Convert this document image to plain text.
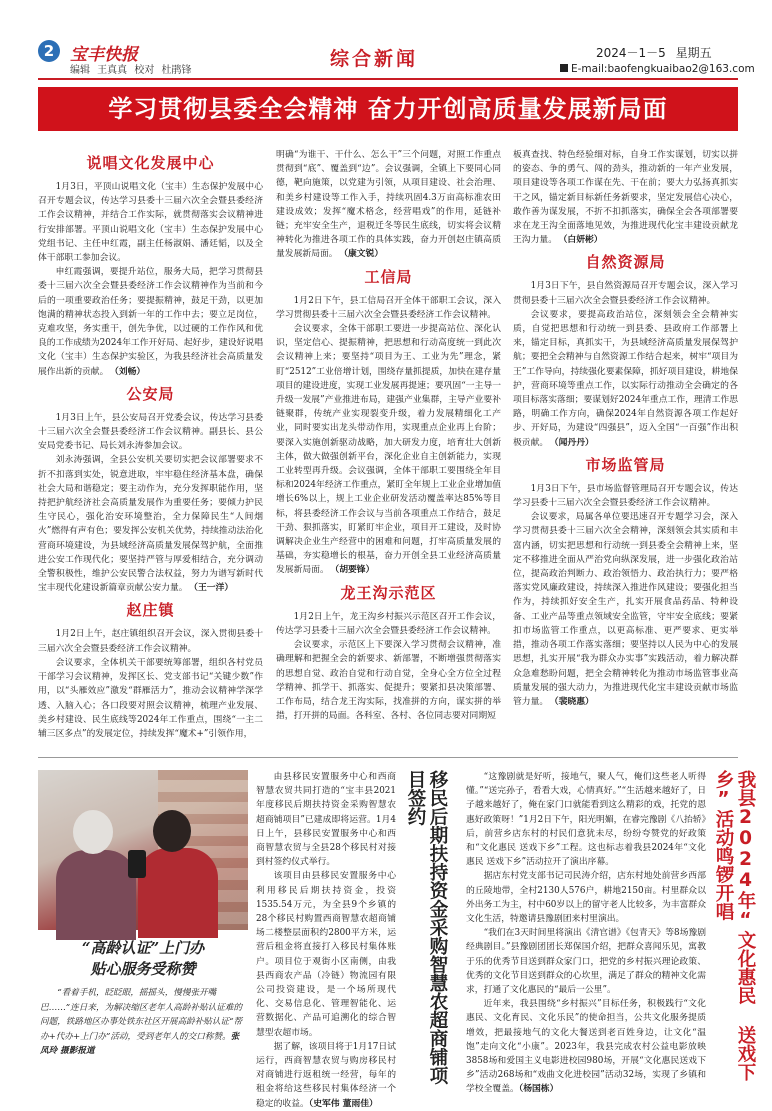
2 宝丰快报
编辑 王真真 校对 杜鹃锋
综合新闻	2024－1－5 星期五
E-mail:baofengkuaibao2@163.com
学习贯彻县委全会精神 奋力开创高质量发展新局面
说唱文化发展中心

1月3日，平顶山说唱文化（宝丰）生态保护发展中心召开专题会议，传达学习县委十三届六次全会暨县委经济工作会议精神，并结合工作实际，就贯彻落实会议精神进行安排部署。平顶山说唱文化（宝丰）生态保护发展中心党组书记、主任申红霞，副主任杨淑娟、潘廷韬，以及全体干部职工参加会议。

申红霞强调，要提升站位，服务大局，把学习贯彻县委十三届六次全会暨县委经济工作会议精神作为当前和今后的一项重要政治任务；要提振精神，鼓足干劲，以更加饱满的精神状态投入到新一年的工作中去；要立足岗位，克难攻坚，务实重干，创先争优，以过硬的工作作风和优良的工作成绩为2024年工作开好局、起好步，建设好说唱文化（宝丰）生态保护实验区，为我县经济社会高质量发展作出新的贡献。 （刘畅）

公安局

1月3日上午，县公安局召开党委会议，传达学习县委十三届六次全会暨县委经济工作会议精神。副县长、县公安局党委书记、局长刘永涛参加会议。

刘永涛强调，全县公安机关要切实把会议部署要求不折不扣落到实处，锐意进取，牢牢稳住经济基本盘，确保社会大局和谐稳定；要主动作为，充分发挥职能作用，坚持把护航经济社会高质量发展作为重要任务；要倾力护民生守民心，强化治安环境整治，全力保障民生“人间烟火”燃得有声有色；要发挥公安机关优势，持续推动法治化营商环境建设，为县域经济高质量发展保驾护航，全面推进公安工作现代化；要坚持严管与厚爱相结合，充分调动全警积极性，维护公安民警合法权益，努力为谱写新时代宝丰现代化建设新篇章贡献公安力量。 （王一洋）

赵庄镇

1月2日上午，赵庄镇组织召开会议，深入贯彻县委十三届六次全会暨县委经济工作会议精神。

会议要求，全体机关干部要统筹部署，组织各村党员干部学习会议精神，发挥区长、党支部书记“关键少数”作用，以“头雁效应”激发“群雁活力”，推动会议精神学深学透、入脑入心；各口段要对照会议精神，梳理产业发展、美乡村建设、民生底线等2024年工作重点，围绕“一主二辅三区多点”的发展定位，持续发挥“魔术+”引领作用，

明确“为谁干、干什么、怎么干”三个问题，对照工作重点贯彻到“底”、覆盖到“边”。会议强调，全镇上下要同心同德，靶向施策，以党建为引领，从项目建设、社会治理、和美乡村建设等工作入手，持续巩固4.3万亩高标准农田建设成效；发挥“魔术格念，经营唱戏”的作用，延链补链；充牢安全生产，退税迁冬等民生底线，切实将会议精神转化为推进各项工作的具体实践，奋力开创赵庄镇高质量发展新局面。 （康文锐）

工信局

1月2日下午，县工信局召开全体干部职工会议，深入学习贯彻县委十三届六次全会暨县委经济工作会议精神。

会议要求，全体干部职工要进一步提高站位、深化认识，坚定信心、提振精神，把思想和行动高度统一到此次会议精神上来；要坚持“项目为王、工业为先”理念，紧盯“2512”工业倍增计划，围绕存量抓提质，加快在建存量项目的建设进度，实现工业发展再提速；要巩固“一主导一升级一发展”产业推进布局，建强产业集群，主导产业要补链聚群，传统产业实现裂变升级，着力发展精细化工产业，同时要实出龙头带动作用，实现重点企业再上台阶；要深入实施创新驱动战略，加大研发力度，培育壮大创新主体，做大做强创新平台，深化企业自主创新能力，实现工业转型再升级。会议强调，全体干部职工要围绕全年目标和2024年经济工作重点，紧盯全年规上工业企业增加值增长6%以上，规上工业企业研发活动覆盖率达85%等目标，将县委经济工作会议与当前各项重点工作结合，鼓足干劲、狠抓落实，盯紧盯牢企业，项目开工建设，及时协调解决企业生产经营中的困难和问题，打牢高质量发展的基础，夯实稳增长的根基，奋力开创全县工业经济高质量发展新局面。 （胡要锋）

龙王沟示范区

1月2日上午，龙王沟乡村振兴示范区召开工作会议，传达学习县委十三届六次全会暨县委经济工作会议精神。

会议要求，示范区上下要深入学习贯彻会议精神，准确理解和把握全会的新要求、新部署，不断增强贯彻落实的思想自觉、政治自觉和行动自觉，全身心全方位全过程学精神、抓学干、抓落实、促提升；要紧扣县决策部署、工作布局，结合龙王沟实际，找准拼的方向，谋实拼的举措，打开拼的局面。各科室、各村、各位同志要对同期短

板真查找、特色经验细对标，自身工作实谋划，切实以拼的姿态、争的勇气、闯的劲头，推动新的一年产业发展，项目建设等各项工作谋在先、干在前；要大力弘扬真抓实干之风，锚定新目标新任务新要求，坚定发展信心决心，敢作善为谋发展，不折不扣抓落实，确保全会各项部署要求在龙王沟全面落地见效，为推进现代化宝丰建设贡献龙王沟力量。 （白妍彬）

自然资源局

1月3日下午，县自然资源局召开专题会议，深入学习贯彻县委十三届六次全会暨县委经济工作会议精神。

会议要求，要提高政治站位，深刻领会全会精神实质，自觉把思想和行动统一到县委、县政府工作部署上来，锚定目标，真抓实干，为县域经济高质量发展保驾护航；要把全会精神与自然资源工作结合起来，树牢“项目为王”工作导向，持续强化要素保障，抓好项目建设，耕地保护，营商环境等重点工作，以实际行动推动全会确定的各项目标落实落细；要谋划好2024年重点工作，理清工作思路，明确工作方向，确保2024年自然资源各项工作起好步、开好局，为建设“四强县”，迈入全国“一百强”作出积极贡献。 （闻丹丹）

市场监管局

1月3日下午，县市场监督管理局召开专题会议，传达学习县委十三届六次全会暨县委经济工作会议精神。

会议要求，局属各单位要迅速召开专题学习会，深入学习贯彻县委十三届六次全会精神，深刻领会其实质和丰富内涵，切实把思想和行动统一到县委全会精神上来，坚定不移推进全面从严治党向纵深发展，进一步强化政治站位，提高政治判断力、政治领悟力、政治执行力；要严格落实党风廉政建设，持续深入推进作风建设；要强化担当作为，持续抓好安全生产，扎实开展食品药品、特种设备、工业产品等重点领域安全监管，守牢安全底线；要紧扣市场监管工作重点，以更高标准、更严要求、更实举措，推动各项工作落实落细；要坚持以人民为中心的发展思想，扎实开展“我为群众办实事”实践活动，着力解决群众急难愁盼问题，把全会精神转化为推动市场监管事业高质量发展的强大动力，为推进现代化宝丰建设贡献市场监管力量。 （裴晓惠）

“高龄认证”上门办
贴心服务受称赞

“看着手机，眨眨眼，摇摇头，慢慢张开嘴巴……”连日来，为解决缩区老年人高龄补贴认证难的问题，铁路地区办事处铁东社区开展高龄补贴认证“帮办+代办+上门办”活动，受到老年人的交口称赞。张凤玲 摄影报道

由县移民安置服务中心和西商智慧农贸共同打造的“宝丰县2021年度移民后期扶持资金采购智慧农超商铺项目”已建成即将运营。1月4日上午，县移民安置服务中心和西商智慧农贸与全县28个移民村对接到村签约仪式举行。

该项目由县移民安置服务中心利用移民后期扶持资金，投资1535.54万元，为全县9个乡镇的28个移民村购置西商智慧农超商铺场二楼整层面积约2800平方米，运营后租金将直接打入移民村集体账户。项目位于观街小区南侧，由我县西商农产品（冷链）物流园有限公司投资建设，是一个场所现代化、交易信息化、管理智能化、运营数据化、产品可追溯化的综合智慧型农超市场。

据了解，该项目将于1月17日试运行，西商智慧农贸与购房移民村对商铺进行返租统一经营，每年的租金将给这些移民村集体经济一个稳定的收益。（史军伟 董雨佳）

移民后期扶持资金采购智慧农超商铺项目签约	“这豫剧就是好听，接地气，聚人气，俺们这些老人听得懂。”“送完孙子，看看大戏，心情真好。”“生活越来越好了，日子越来越好了，俺在家门口就能看到这么精彩的戏，托党的恩惠好政策呀！”1月2日下午，阳光明媚，在睿完豫剧《八抬轿》后，前营乡店东村的村民们意犹未尽，纷纷夸赞党的好政策和“文化惠民 送戏下乡”工程。这也标志着我县2024年“文化惠民 送戏下乡”活动拉开了演出序幕。

据店东村党支部书记司民涛介绍，店东村地处前营乡西部的丘陵地带，全村2130人576户，耕地2150亩。村里群众以外出务工为主，村中60岁以上的留守老人比较多，为丰富群众文化生活，特邀请县豫剧团来村里演出。

“我们在3天时间里将演出《清官谱》《包青天》等8场豫剧经典剧目。”县豫剧团团长郑保国介绍，把群众喜闻乐见，寓教于乐的优秀节目送到群众家门口，把党的乡村振兴理论政策、优秀的文化节目送到群众的心坎里，满足了群众的精神文化需求，打通了文化惠民的“最后一公里”。

近年来，我县围绕“乡村振兴”目标任务，积极践行“文化惠民、文化育民、文化乐民”的使命担当，公共文化服务提质增效，把最接地气的文化大餐送到老百姓身边，让文化“温饱”走向文化“小康”。2023年，我县完成农村公益电影放映3858场和爱国主义电影进校园980场，开展“文化惠民送戏下乡”活动268场和“戏曲文化进校园”活动32场，实现了乡镇和学校全覆盖。（杨国栋）

我县2024年“文化惠民 送戏下乡”活动鸣锣开唱
